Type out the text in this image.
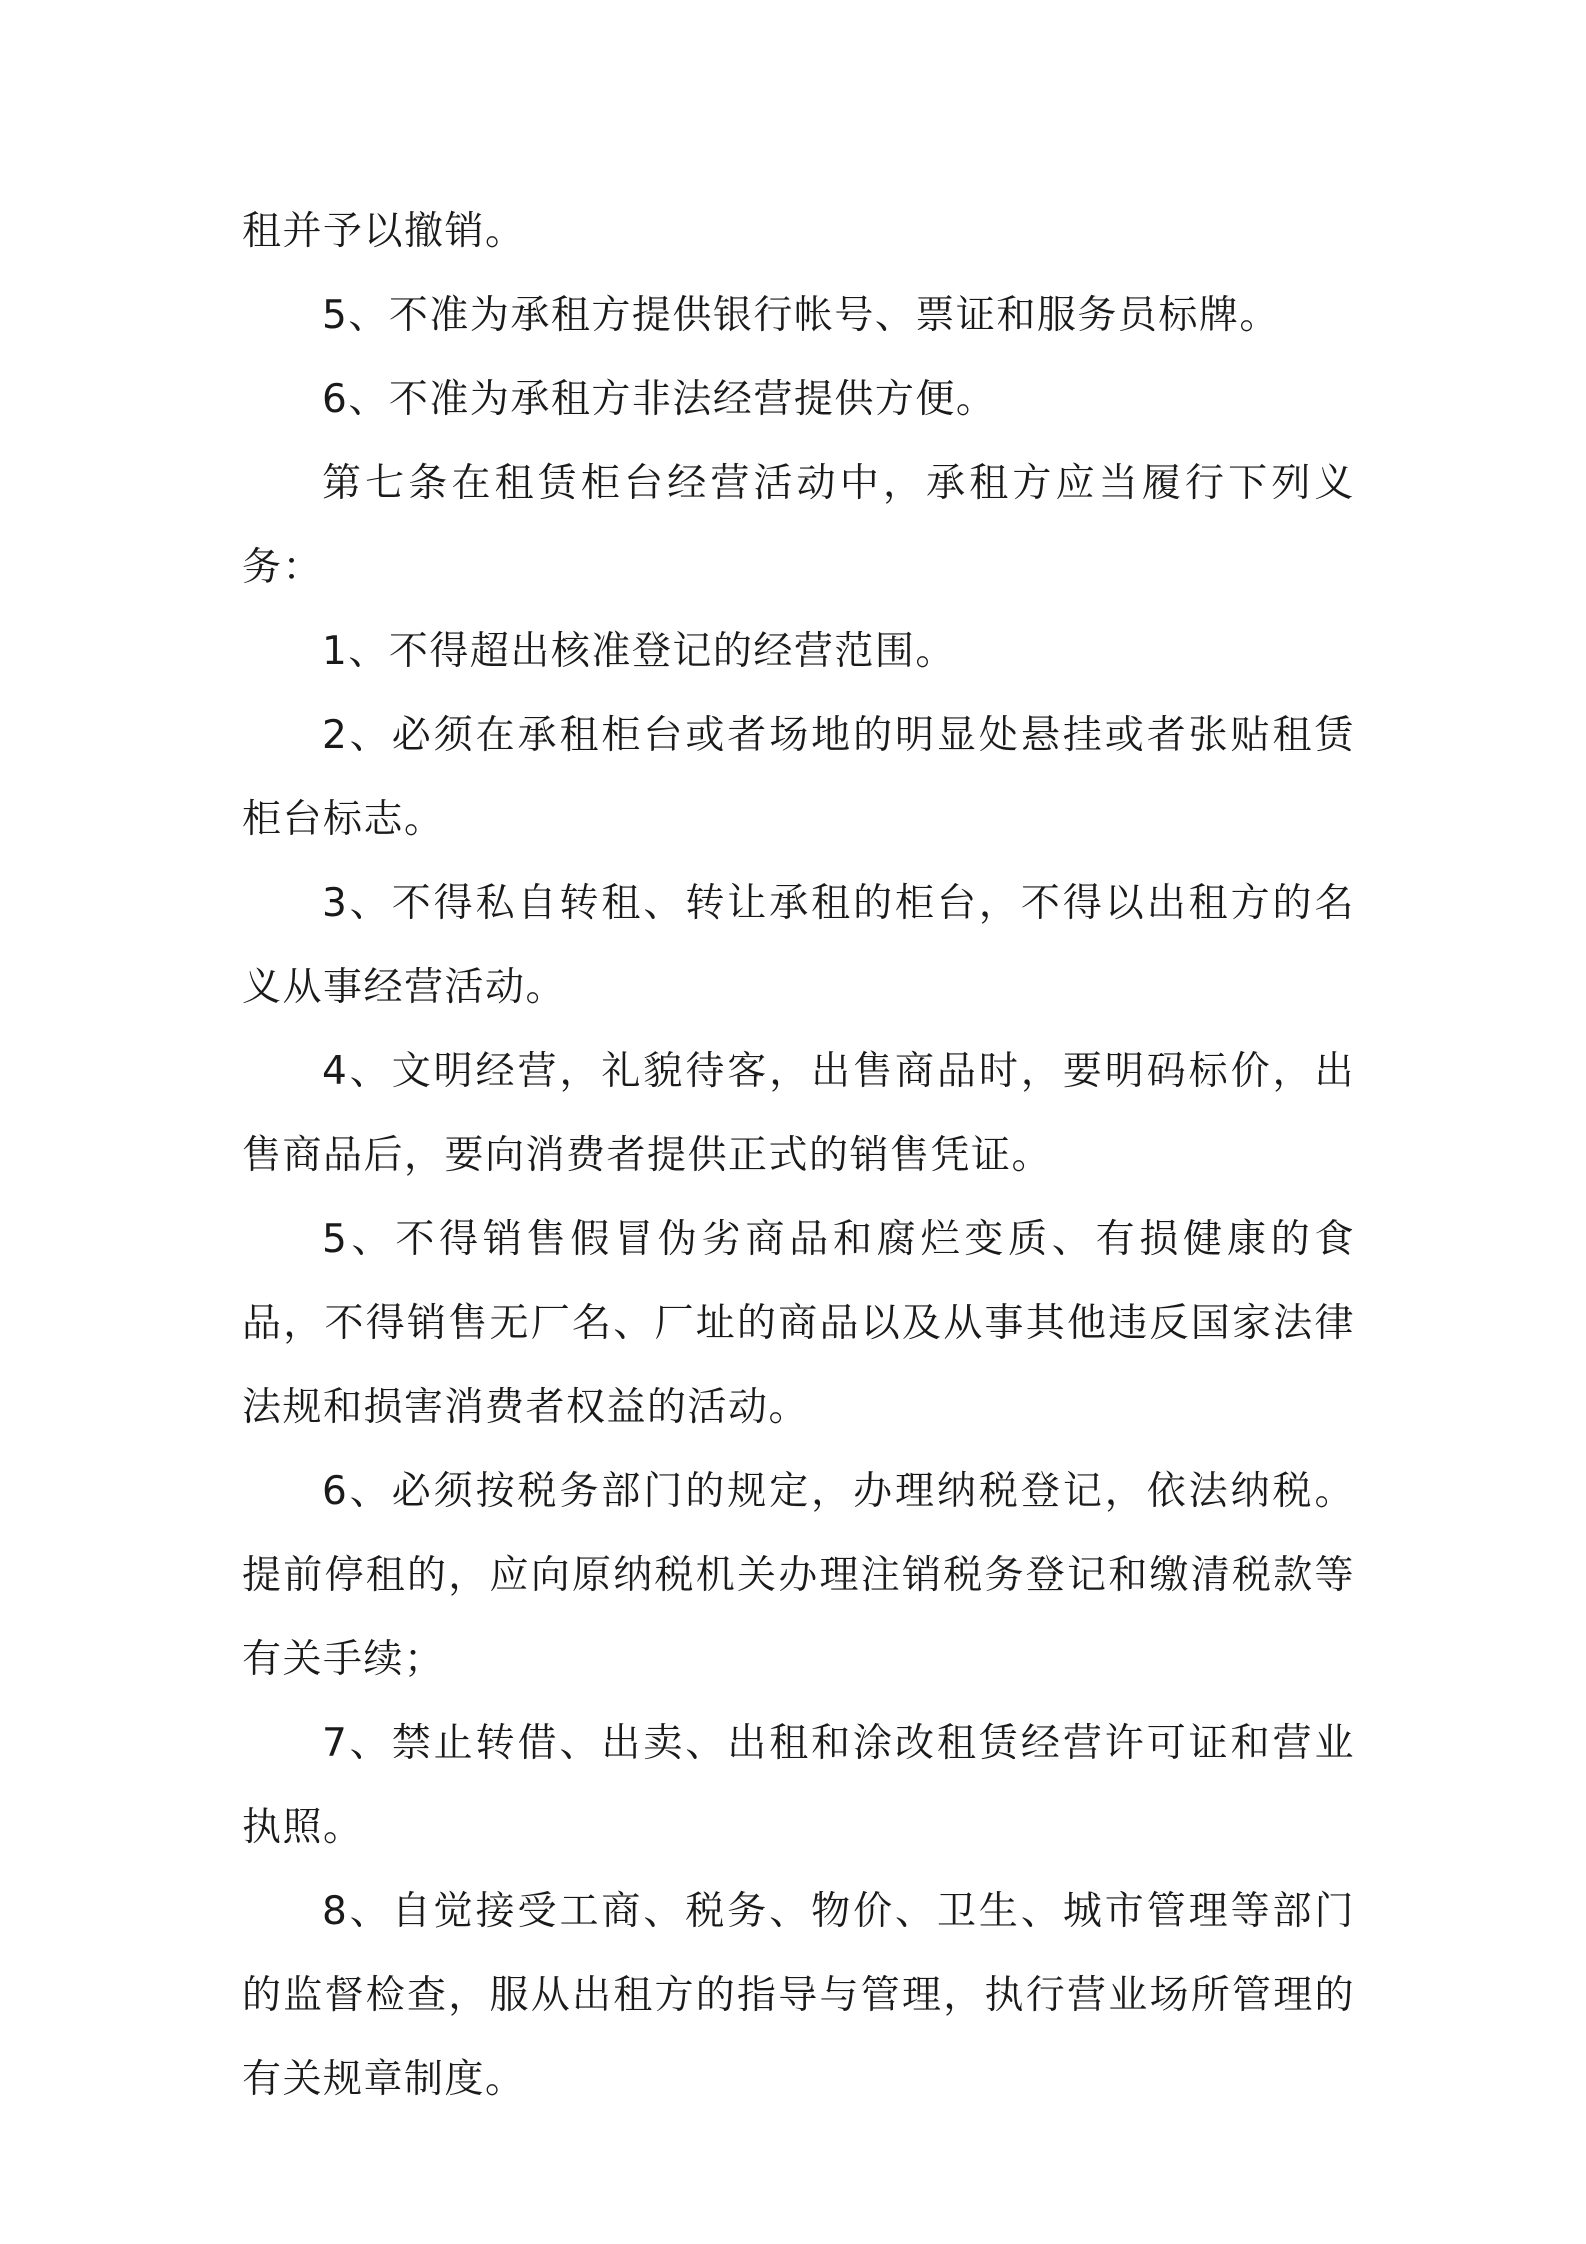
租并予以撤销。

5、不准为承租方提供银行帐号、票证和服务员标牌。

6、不准为承租方非法经营提供方便。

第七条在租赁柜台经营活动中，承租方应当履行下列义务：

1、不得超出核准登记的经营范围。

2、必须在承租柜台或者场地的明显处悬挂或者张贴租赁柜台标志。

3、不得私自转租、转让承租的柜台，不得以出租方的名义从事经营活动。

4、文明经营，礼貌待客，出售商品时，要明码标价，出售商品后，要向消费者提供正式的销售凭证。

5、不得销售假冒伪劣商品和腐烂变质、有损健康的食品，不得销售无厂名、厂址的商品以及从事其他违反国家法律法规和损害消费者权益的活动。

6、必须按税务部门的规定，办理纳税登记，依法纳税。提前停租的，应向原纳税机关办理注销税务登记和缴清税款等有关手续；

7、禁止转借、出卖、出租和涂改租赁经营许可证和营业执照。

8、自觉接受工商、税务、物价、卫生、城市管理等部门的监督检查，服从出租方的指导与管理，执行营业场所管理的有关规章制度。
